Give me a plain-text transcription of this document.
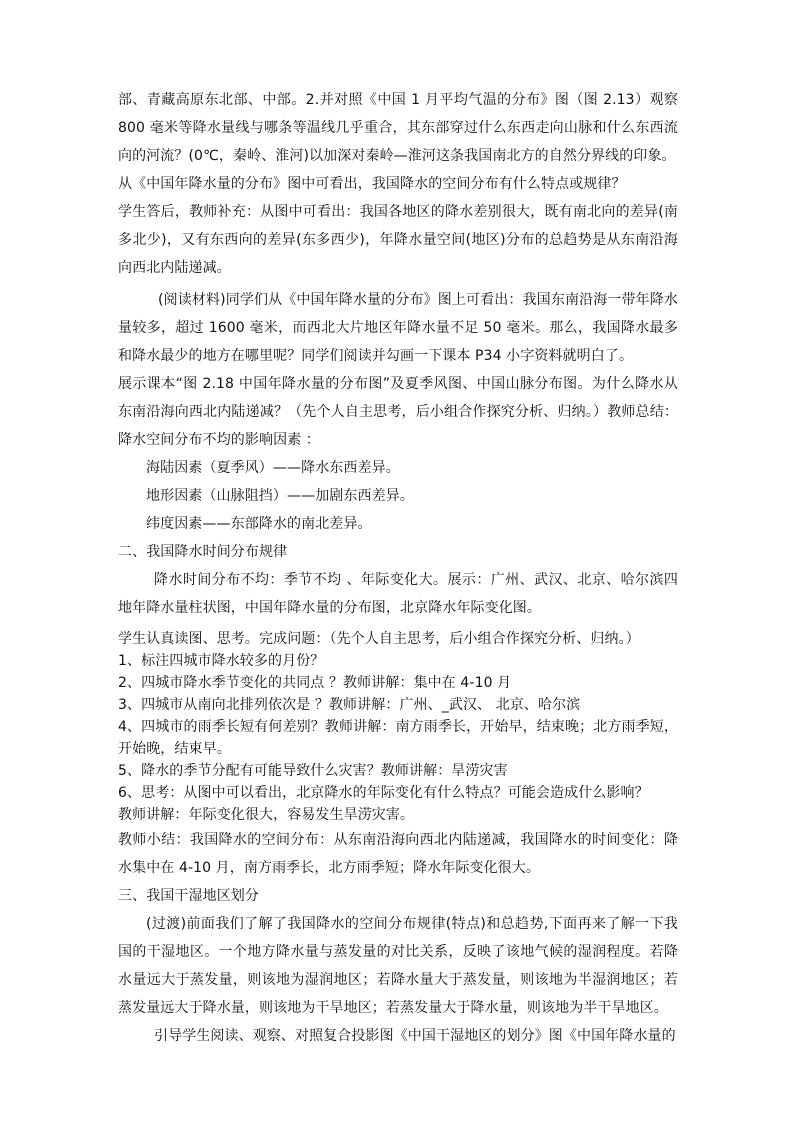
部、青藏高原东北部、中部。2.并对照《中国 1 月平均气温的分布》图（图 2.13）观察 800 毫米等降水量线与哪条等温线几乎重合，其东部穿过什么东西走向山脉和什么东西流向的河流？(0℃，秦岭、淮河)以加深对秦岭—淮河这条我国南北方的自然分界线的印象。

从《中国年降水量的分布》图中可看出，我国降水的空间分布有什么特点或规律？

学生答后，教师补充：从图中可看出：我国各地区的降水差别很大，既有南北向的差异(南多北少)，又有东西向的差异(东多西少)，年降水量空间(地区)分布的总趋势是从东南沿海向西北内陆递减。

(阅读材料)同学们从《中国年降水量的分布》图上可看出：我国东南沿海一带年降水量较多，超过 1600 毫米，而西北大片地区年降水量不足 50 毫米。那么，我国降水最多和降水最少的地方在哪里呢？同学们阅读并勾画一下课本 P34 小字资料就明白了。

展示课本“图 2.18 中国年降水量的分布图”及夏季风图、中国山脉分布图。为什么降水从东南沿海向西北内陆递减？（先个人自主思考，后小组合作探究分析、归纳。）教师总结：降水空间分布不均的影响因素 ：

海陆因素（夏季风）——降水东西差异。

地形因素（山脉阻挡）——加剧东西差异。

纬度因素——东部降水的南北差异。

二、我国降水时间分布规律

降水时间分布不均：季节不均 、年际变化大。展示：广州、武汉、北京、哈尔滨四地年降水量柱状图，中国年降水量的分布图，北京降水年际变化图。

学生认真读图、思考。完成问题：（先个人自主思考，后小组合作探究分析、归纳。）

1、标注四城市降水较多的月份？

2、四城市降水季节变化的共同点 ？教师讲解：集中在 4-10 月

3、四城市从南向北排列依次是 ？教师讲解：广州、_武汉、 北京、哈尔滨

4、四城市的雨季长短有何差别？教师讲解：南方雨季长，开始早，结束晚；北方雨季短，开始晚，结束早。

5、降水的季节分配有可能导致什么灾害？教师讲解：旱涝灾害

6、思考：从图中可以看出，北京降水的年际变化有什么特点？可能会造成什么影响？

教师讲解：年际变化很大，容易发生旱涝灾害。

教师小结：我国降水的空间分布：从东南沿海向西北内陆递减，我国降水的时间变化：降水集中在 4-10 月，南方雨季长，北方雨季短；降水年际变化很大。

三、我国干湿地区划分

(过渡)前面我们了解了我国降水的空间分布规律(特点)和总趋势,下面再来了解一下我国的干湿地区。一个地方降水量与蒸发量的对比关系，反映了该地气候的湿润程度。若降水量远大于蒸发量，则该地为湿润地区；若降水量大于蒸发量，则该地为半湿润地区；若蒸发量远大于降水量，则该地为干旱地区；若蒸发量大于降水量，则该地为半干旱地区。

引导学生阅读、观察、对照复合投影图《中国干湿地区的划分》图《中国年降水量的
